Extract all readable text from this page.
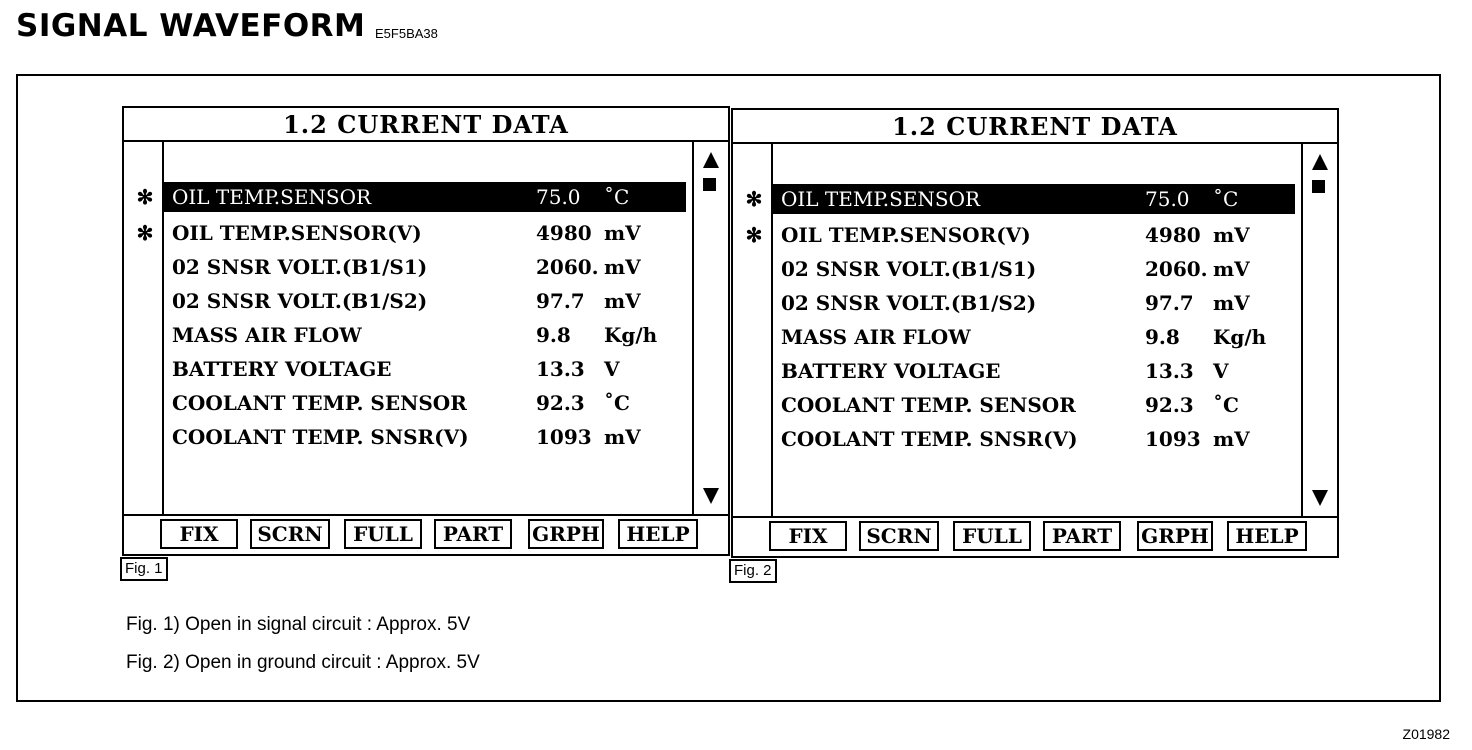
SIGNAL WAVEFORM E5F5BA38
1.2 CURRENT DATA
✻ OIL TEMP.SENSOR	75.0 ˚C
✻ OIL TEMP.SENSOR(V)	4980 mV
02 SNSR VOLT.(B1/S1)	2060. mV
02 SNSR VOLT.(B1/S2)	97.7 mV
MASS AIR FLOW	9.8 Kg/h
BATTERY VOLTAGE	13.3 V
COOLANT TEMP. SENSOR	92.3 ˚C
COOLANT TEMP. SNSR(V)	1093 mV
FIX	SCRN	FULL	PART	GRPH	HELP
Fig. 1
1.2 CURRENT DATA
✻ OIL TEMP.SENSOR	75.0 ˚C
✻ OIL TEMP.SENSOR(V)	4980 mV
02 SNSR VOLT.(B1/S1)	2060. mV
02 SNSR VOLT.(B1/S2)	97.7 mV
MASS AIR FLOW	9.8 Kg/h
BATTERY VOLTAGE	13.3 V
COOLANT TEMP. SENSOR	92.3 ˚C
COOLANT TEMP. SNSR(V)	1093 mV
FIX	SCRN	FULL	PART	GRPH	HELP
Fig. 2
Fig. 1) Open in signal circuit : Approx. 5V
Fig. 2) Open in ground circuit : Approx. 5V
Z01982
